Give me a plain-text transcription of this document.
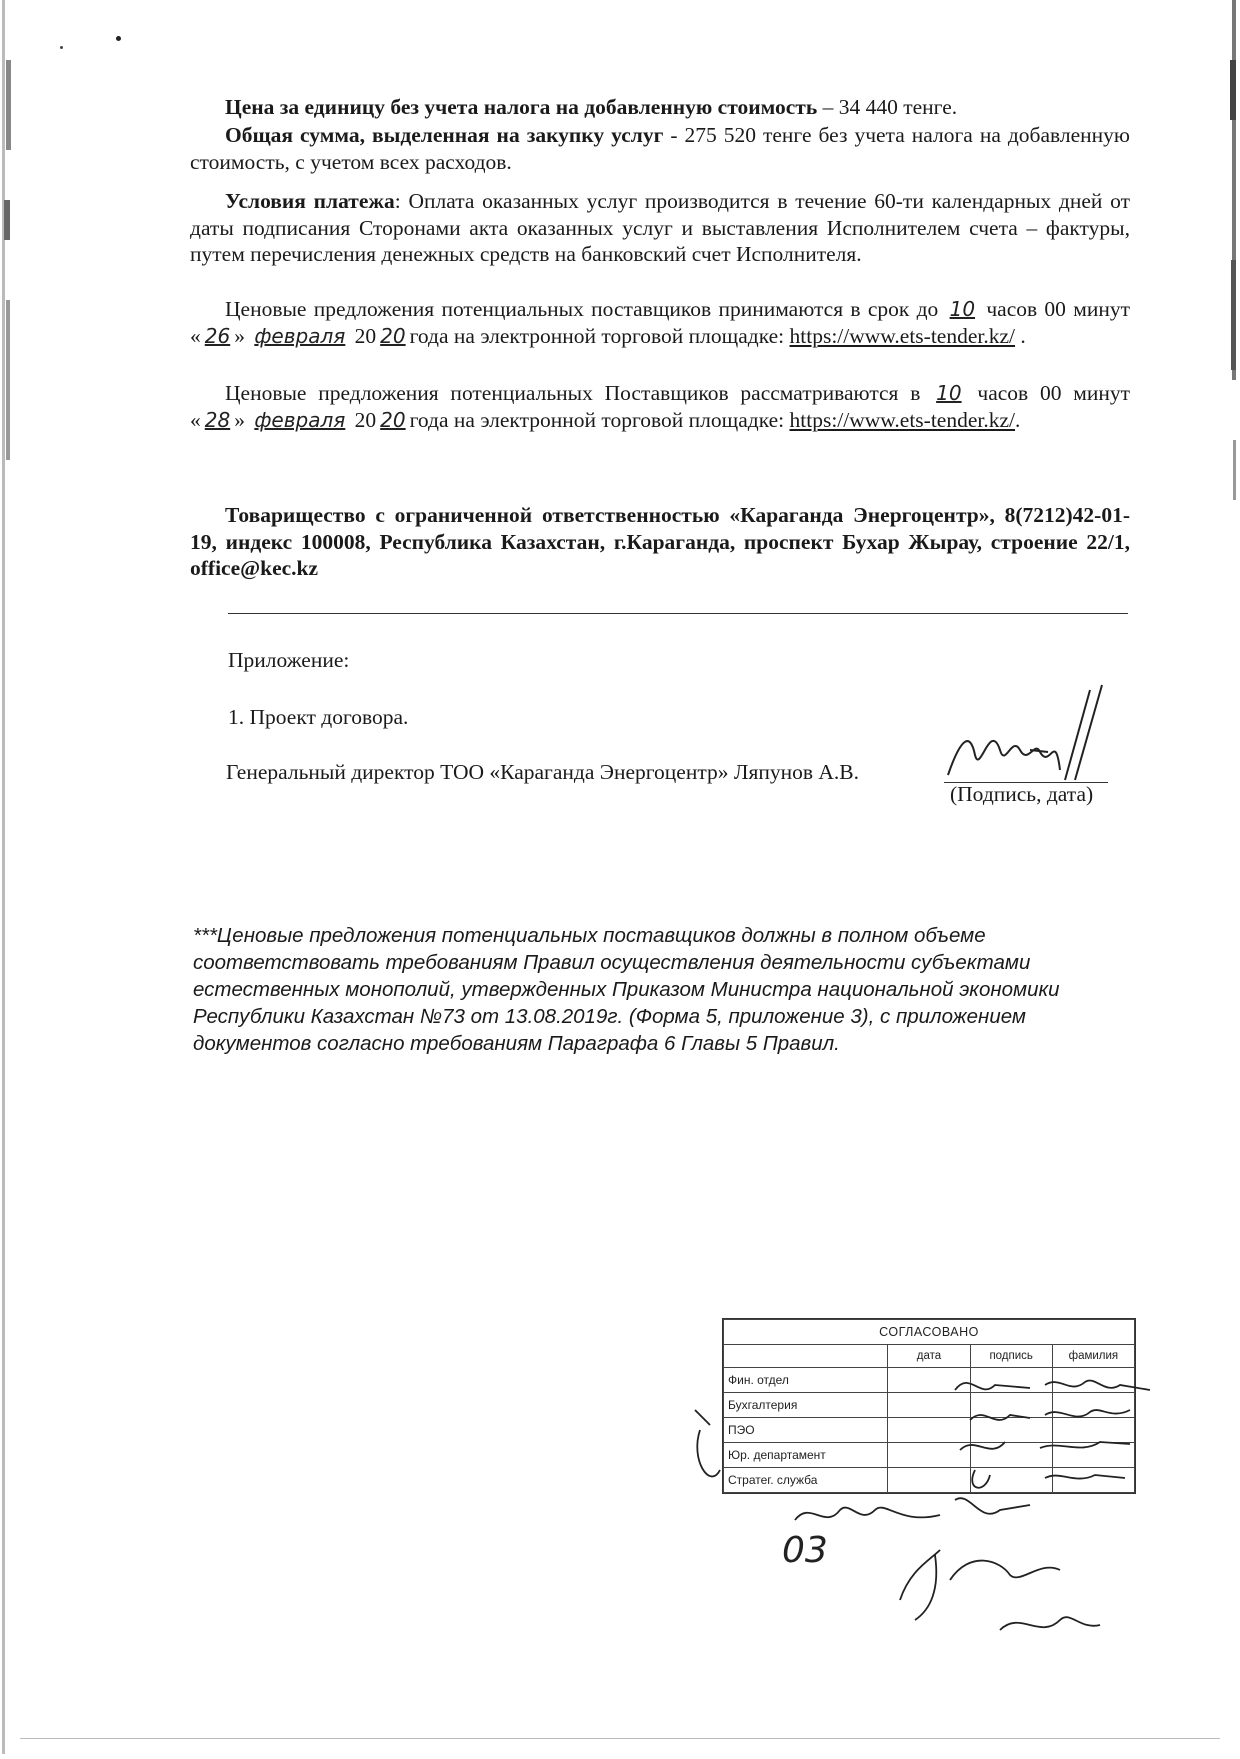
Цена за единицу без учета налога на добавленную стоимость – 34 440 тенге.
Общая сумма, выделенная на закупку услуг - 275 520 тенге без учета налога на добавленную стоимость, с учетом всех расходов.
Условия платежа: Оплата оказанных услуг производится в течение 60-ти календарных дней от даты подписания Сторонами акта оказанных услуг и выставления Исполнителем счета – фактуры, путем перечисления денежных средств на банковский счет Исполнителя.
Ценовые предложения потенциальных поставщиков принимаются в срок до 10 часов 00 минут « 26 » февраля 20 20 года на электронной торговой площадке: https://www.ets-tender.kz/ .
Ценовые предложения потенциальных Поставщиков рассматриваются в 10 часов 00 минут « 28 » февраля 20 20 года на электронной торговой площадке: https://www.ets-tender.kz/.
Товарищество с ограниченной ответственностью «Караганда Энергоцентр», 8(7212)42-01-19, индекс 100008, Республика Казахстан, г.Караганда, проспект Бухар Жырау, строение 22/1, office@kec.kz
Приложение:
1. Проект договора.
Генеральный директор ТОО «Караганда Энергоцентр» Ляпунов А.В.
(Подпись, дата)
***Ценовые предложения потенциальных поставщиков должны в полном объеме соответствовать требованиям Правил осуществления деятельности субъектами естественных монополий, утвержденных Приказом Министра национальной экономики Республики Казахстан №73 от 13.08.2019г. (Форма 5, приложение 3), с приложением документов согласно требованиям Параграфа 6 Главы 5 Правил.
СОГЛАСОВАНО			
	дата	подпись	фамилия
Фин. отдел			
Бухгалтерия			
ПЭО			
Юр. департамент			
Стратег. служба			
03
